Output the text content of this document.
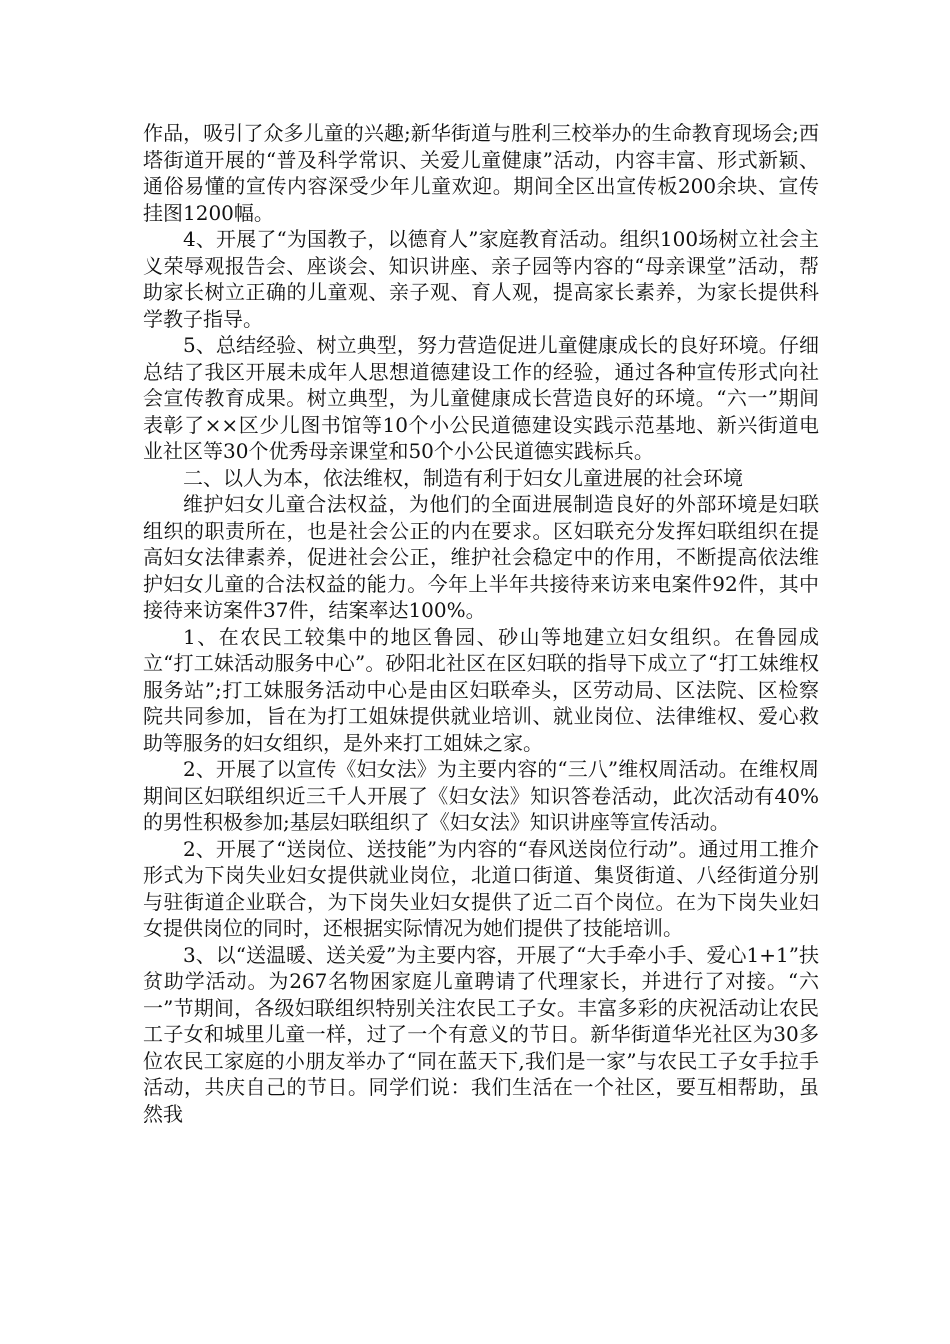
作品，吸引了众多儿童的兴趣;新华街道与胜利三校举办的生命教育现场会;西塔街道开展的“普及科学常识、关爱儿童健康”活动，内容丰富、形式新颖、通俗易懂的宣传内容深受少年儿童欢迎。期间全区出宣传板200余块、宣传挂图1200幅。

4、开展了“为国教子，以德育人”家庭教育活动。组织100场树立社会主义荣辱观报告会、座谈会、知识讲座、亲子园等内容的“母亲课堂”活动，帮助家长树立正确的儿童观、亲子观、育人观，提高家长素养，为家长提供科学教子指导。

5、总结经验、树立典型，努力营造促进儿童健康成长的良好环境。仔细总结了我区开展未成年人思想道德建设工作的经验，通过各种宣传形式向社会宣传教育成果。树立典型，为儿童健康成长营造良好的环境。“六一”期间表彰了××区少儿图书馆等10个小公民道德建设实践示范基地、新兴街道电业社区等30个优秀母亲课堂和50个小公民道德实践标兵。

二、以人为本，依法维权，制造有利于妇女儿童进展的社会环境

维护妇女儿童合法权益，为他们的全面进展制造良好的外部环境是妇联组织的职责所在，也是社会公正的内在要求。区妇联充分发挥妇联组织在提高妇女法律素养，促进社会公正，维护社会稳定中的作用，不断提高依法维护妇女儿童的合法权益的能力。今年上半年共接待来访来电案件92件，其中接待来访案件37件，结案率达100%。

1、在农民工较集中的地区鲁园、砂山等地建立妇女组织。在鲁园成立“打工妹活动服务中心”。砂阳北社区在区妇联的指导下成立了“打工妹维权服务站”;打工妹服务活动中心是由区妇联牵头，区劳动局、区法院、区检察院共同参加，旨在为打工姐妹提供就业培训、就业岗位、法律维权、爱心救助等服务的妇女组织，是外来打工姐妹之家。

2、开展了以宣传《妇女法》为主要内容的“三八”维权周活动。在维权周期间区妇联组织近三千人开展了《妇女法》知识答卷活动，此次活动有40%的男性积极参加;基层妇联组织了《妇女法》知识讲座等宣传活动。

2、开展了“送岗位、送技能”为内容的“春风送岗位行动”。通过用工推介形式为下岗失业妇女提供就业岗位，北道口街道、集贤街道、八经街道分别与驻街道企业联合，为下岗失业妇女提供了近二百个岗位。在为下岗失业妇女提供岗位的同时，还根据实际情况为她们提供了技能培训。

3、以“送温暖、送关爱”为主要内容，开展了“大手牵小手、爱心1+1”扶贫助学活动。为267名物困家庭儿童聘请了代理家长，并进行了对接。“六一”节期间，各级妇联组织特别关注农民工子女。丰富多彩的庆祝活动让农民工子女和城里儿童一样，过了一个有意义的节日。新华街道华光社区为30多位农民工家庭的小朋友举办了“同在蓝天下,我们是一家”与农民工子女手拉手活动，共庆自己的节日。同学们说：我们生活在一个社区，要互相帮助，虽然我
